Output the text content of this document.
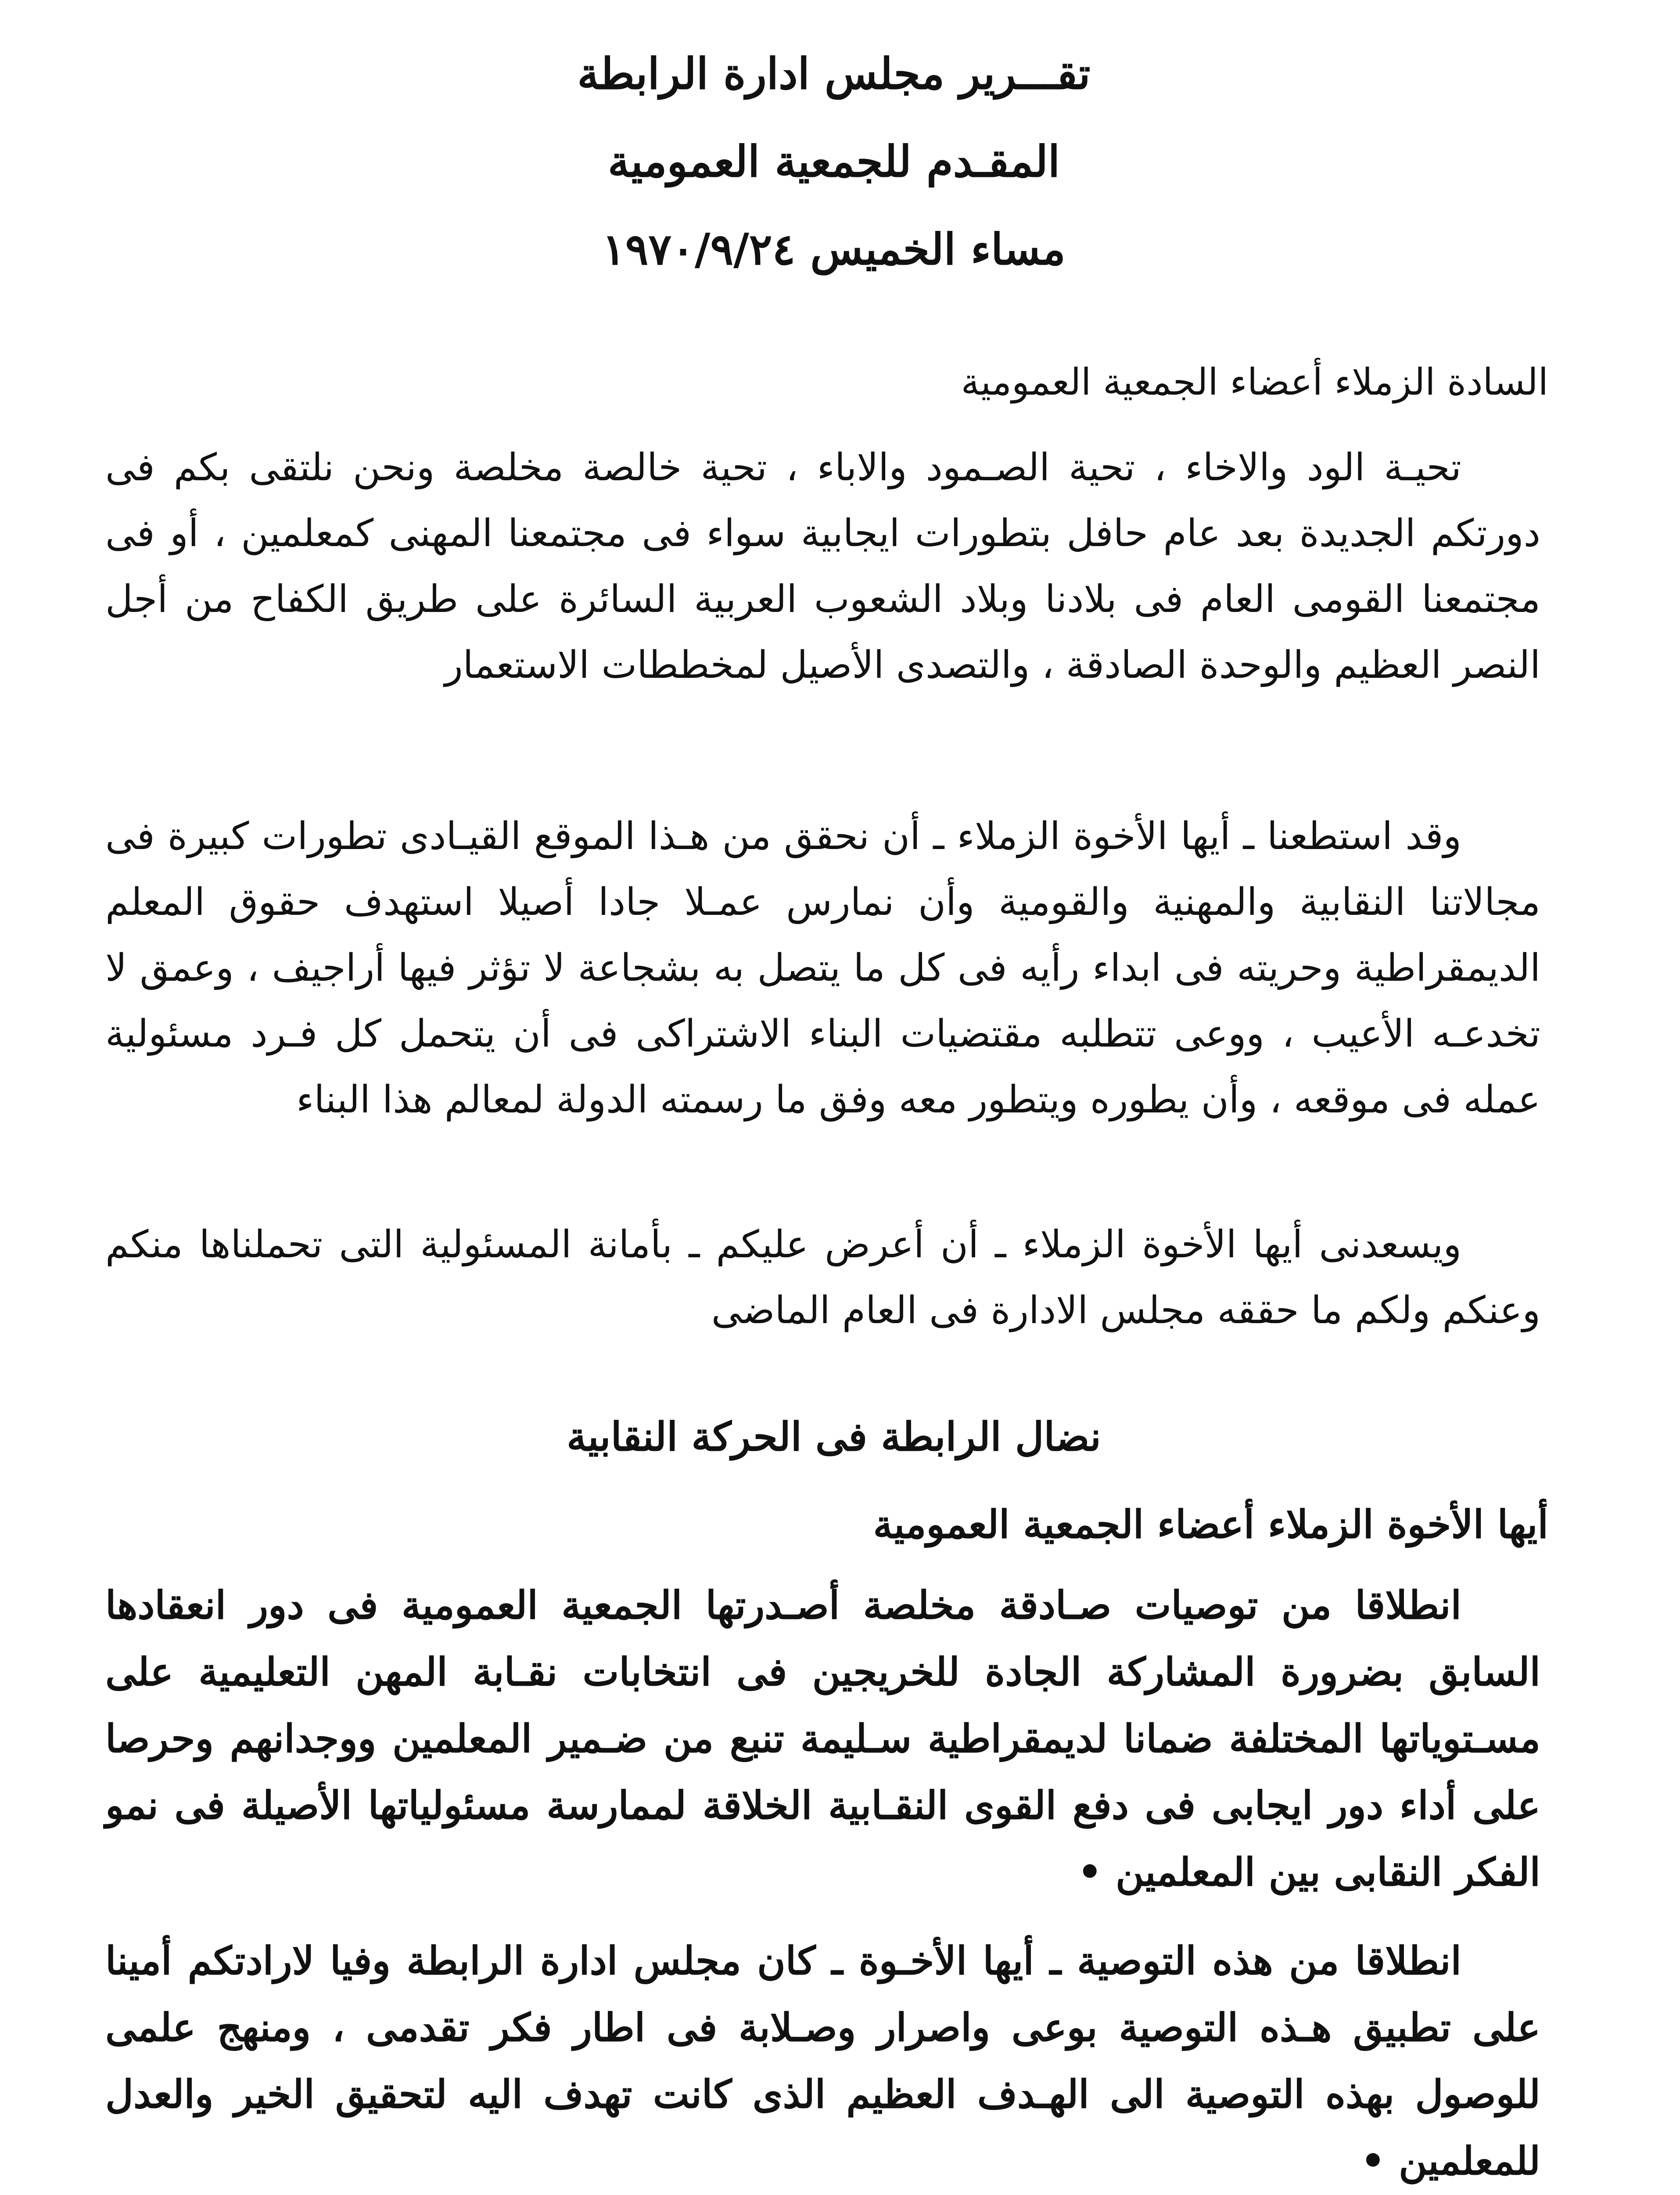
تقـــرير مجلس ادارة الرابطة
المقـدم للجمعية العمومية
مساء الخميس ١٩٧٠/٩/٢٤
السادة الزملاء أعضاء الجمعية العمومية

تحيـة الود والاخاء ، تحية الصـمود والاباء ، تحية خالصة مخلصة ونحن نلتقى بكم فى دورتكم الجديدة بعد عام حافل بتطورات ايجابية سواء فى مجتمعنا المهنى كمعلمين ، أو فى مجتمعنا القومى العام فى بلادنا وبلاد الشعوب العربية السائرة على طريق الكفاح من أجل النصر العظيم والوحدة الصادقة ، والتصدى الأصيل لمخططات الاستعمار

وقد استطعنا ـ أيها الأخوة الزملاء ـ أن نحقق من هـذا الموقع القيـادى تطورات كبيرة فى مجالاتنا النقابية والمهنية والقومية وأن نمارس عمـلا جادا أصيلا استهدف حقوق المعلم الديمقراطية وحريته فى ابداء رأيه فى كل ما يتصل به بشجاعة لا تؤثر فيها أراجيف ، وعمق لا تخدعـه الأعيب ، ووعى تتطلبه مقتضيات البناء الاشتراكى فى أن يتحمل كل فـرد مسئولية عمله فى موقعه ، وأن يطوره ويتطور معه وفق ما رسمته الدولة لمعالم هذا البناء

ويسعدنى أيها الأخوة الزملاء ـ أن أعرض عليكم ـ بأمانة المسئولية التى تحملناها منكم وعنكم ولكم ما حققه مجلس الادارة فى العام الماضى

نضال الرابطة فى الحركة النقابية
أيها الأخوة الزملاء أعضاء الجمعية العمومية

انطلاقا من توصيات صـادقة مخلصة أصـدرتها الجمعية العمومية فى دور انعقادها السابق بضرورة المشاركة الجادة للخريجين فى انتخابات نقـابة المهن التعليمية على مسـتوياتها المختلفة ضمانا لديمقراطية سـليمة تنبع من ضـمير المعلمين ووجدانهم وحرصا على أداء دور ايجابى فى دفع القوى النقـابية الخلاقة لممارسة مسئولياتها الأصيلة فى نمو الفكر النقابى بين المعلمين •

انطلاقا من هذه التوصية ـ أيها الأخـوة ـ كان مجلس ادارة الرابطة وفيا لارادتكم أمينا على تطبيق هـذه التوصية بوعى واصرار وصـلابة فى اطار فكر تقدمى ، ومنهج علمى للوصول بهذه التوصية الى الهـدف العظيم الذى كانت تهدف اليه لتحقيق الخير والعدل للمعلمين •
